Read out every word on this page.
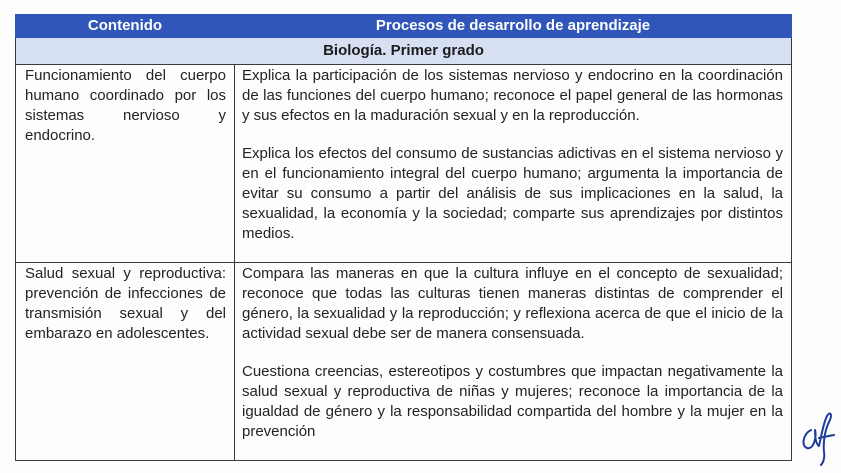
Contenido	Procesos de desarrollo de aprendizaje
Biología. Primer grado	
Funcionamiento del cuerpo humano coordinado por los sistemas nervioso y endocrino.	Explica la participación de los sistemas nervioso y endocrino en la coordinación de las funciones del cuerpo humano; reconoce el papel general de las hormonas y sus efectos en la maduración sexual y en la reproducción.

Explica los efectos del consumo de sustancias adictivas en el sistema nervioso y en el funcionamiento integral del cuerpo humano; argumenta la importancia de evitar su consumo a partir del análisis de sus implicaciones en la salud, la sexualidad, la economía y la sociedad; comparte sus aprendizajes por distintos medios.

Salud sexual y reproductiva: prevención de infecciones de transmisión sexual y del embarazo en adolescentes.	Compara las maneras en que la cultura influye en el concepto de sexualidad; reconoce que todas las culturas tienen maneras distintas de comprender el género, la sexualidad y la reproducción; y reflexiona acerca de que el inicio de la actividad sexual debe ser de manera consensuada.

Cuestiona creencias, estereotipos y costumbres que impactan negativamente la salud sexual y reproductiva de niñas y mujeres; reconoce la importancia de la igualdad de género y la responsabilidad compartida del hombre y la mujer en la prevención
